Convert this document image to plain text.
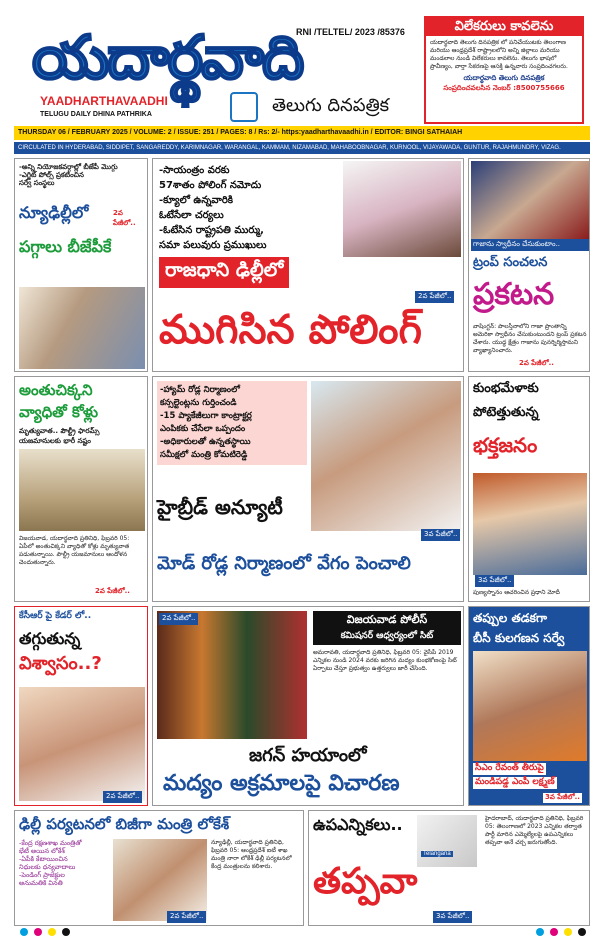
యదార్థవాది
RNI /TELTEL/ 2023 /85376
YAADHARTHAVAADHI
TELUGU DAILY DHINA PATHRIKA	తెలుగు దినపత్రిక
విలేకరులు కావలెను
యదార్థవాది తెలుగు దినపత్రిక లో పనిచేయుటకు తెలంగాణ మరియు ఆంధ్రప్రదేశ్ రాష్ట్రాలలోని అన్ని జిల్లాలు మరియు మండలాల నుండి విలేకరులు కావలెను. తెలుగు భాషలో ప్రావీణ్యం, వార్తా సేకరణపై ఆసక్తి ఉన్నవారు సంప్రదించగలరు.
యదార్థవాది తెలుగు దినపత్రిక
సంప్రదించవలసిన నెంబర్ :8500755666
THURSDAY 06 / FEBRUARY 2025 / VOLUME: 2 / ISSUE: 251 / PAGES: 8 / Rs: 2/- https:yaadharthavaadhi.in / EDITOR: BINGI SATHAIAH
CIRCULATED IN HYDERABAD, SIDDIPET, SANGAREDDY, KARIMNAGAR, WARANGAL, KAMMAM, NIZAMABAD, MAHABOOBNAGAR, KURNOOL, VIJAYAWADA, GUNTUR, RAJAHMUNDRY, VIZAG.
-అన్ని నియోజకవర్గాల్లో బీజేపీ మెుగ్గు
-ఎగ్జిట్ పోల్స్ ప్రకటించిన
సర్వే సంస్థలు
న్యూఢిల్లీలో	2వ పేజీలో..
పగ్గాలు బీజేపీకే
-సాయంత్రం వరకు
57శాతం పోలింగ్ నమోదు
-క్యూలో ఉన్నవారికి
ఓటేసేలా చర్యలు
-ఓటేసిన రాష్ట్రపతి ముర్ము,
సమా పలువురు ప్రముఖులు
రాజధాని ఢిల్లీలో
2వ పేజీలో..
ముగిసిన పోలింగ్
గాజాను స్వాధీనం చేసుకుంటాం..
ట్రంప్ సంచలన
ప్రకటన
వాషింగ్టన్: పాలస్తీనాలోని గాజా ప్రాంతాన్ని అమెరికా స్వాధీనం చేసుకుంటుందని ట్రంప్ ప్రకటన చేశారు. యుద్ధ క్షేత్రం గాజాను పునర్నిర్మిస్తామని వ్యాఖ్యానించారు.
2వ పేజీలో..
అంతుచిక్కని
వ్యాధితో కోళ్లు
మృత్యువాత.. పౌల్ట్రీ ఫారమ్స్
యజమానులకు భారీ నష్టం
విజయవాడ, యదార్థవాది ప్రతినిధి, ఫిబ్రవరి 05: ఏపీలో అంతుచిక్కని వ్యాధితో కోళ్లు మృత్యువాత పడుతున్నాయి. పౌల్ట్రీ యజమానులు ఆందోళన చెందుతున్నారు.
2వ పేజీలో..
-హ్యామ్ రోడ్ల నిర్మాణంలో
కన్సల్టెంట్లను గుర్తించండి
-15 ప్యాకేజీలుగా కాంట్రాక్టర్ల
ఎంపికకు చేసేలా ఒప్పందం
-అధికారులతో ఉన్నతస్థాయి
సమీక్షలో మంత్రి కోమటిరెడ్డి
3వ పేజీలో..
హైబ్రీడ్ అన్యూటీ
మోడ్ రోడ్ల నిర్మాణంలో వేగం పెంచాలి
కుంభమేళాకు
పోటెత్తుతున్న
భక్తజనం
3వ పేజీలో..
పుణ్యస్నానం ఆచరించిన ప్రధాని మోదీ
కేసీఆర్ పై కేడర్ లో..
తగ్గుతున్న
విశ్వాసం..?
2వ పేజీలో..
2వ పేజీలో..	విజయవాడ పోలీస్
కమిషనర్ ఆధ్వర్యంలో సిట్
అమరావతి, యదార్థవాది ప్రతినిధి, ఫిబ్రవరి 05: వైసీపీ 2019 ఎన్నికల నుండి 2024 వరకు జరిగిన మద్యం కుంభకోణంపై సిట్ ఏర్పాటు చేస్తూ ప్రభుత్వం ఉత్తర్వులు జారీ చేసింది.
జగన్ హయాంలో
మద్యం అక్రమాలపై విచారణ
తప్పుల తడకగా
బీసీ కులగణన సర్వే
సీఎం రేవంత్ తీరుపై
మండిపడ్డ ఎంపీ లక్ష్మణ్
3వ పేజీలో..
ఢిల్లీ పర్యటనలో బిజీగా మంత్రి లోకేశ్
-కేంద్ర రక్షణశాఖ మంత్రితో
భేటీ అయిన లోకేశ్
-ఏపీకి కేటాయించిన
నిధులకు ధన్యవాదాలు
-పెండింగ్ ప్రాజెక్టుల
అనుమతికి వినతి
2వ పేజీలో..
న్యూఢిల్లీ, యదార్థవాది ప్రతినిధి, ఫిబ్రవరి 05: ఆంధ్రప్రదేశ్ ఐటీ శాఖ మంత్రి నారా లోకేశ్ ఢిల్లీ పర్యటనలో కేంద్ర మంత్రులను కలిశారు.
ఉపఎన్నికలు..
Telangana
తప్పవా
3వ పేజీలో..
హైదరాబాద్, యదార్థవాది ప్రతినిధి, ఫిబ్రవరి 05: తెలంగాణలో 2023 ఎన్నికల తర్వాత పార్టీ మారిన ఎమ్మెల్యేలపై ఉపఎన్నికలు తప్పవా అనే చర్చ జరుగుతోంది.
